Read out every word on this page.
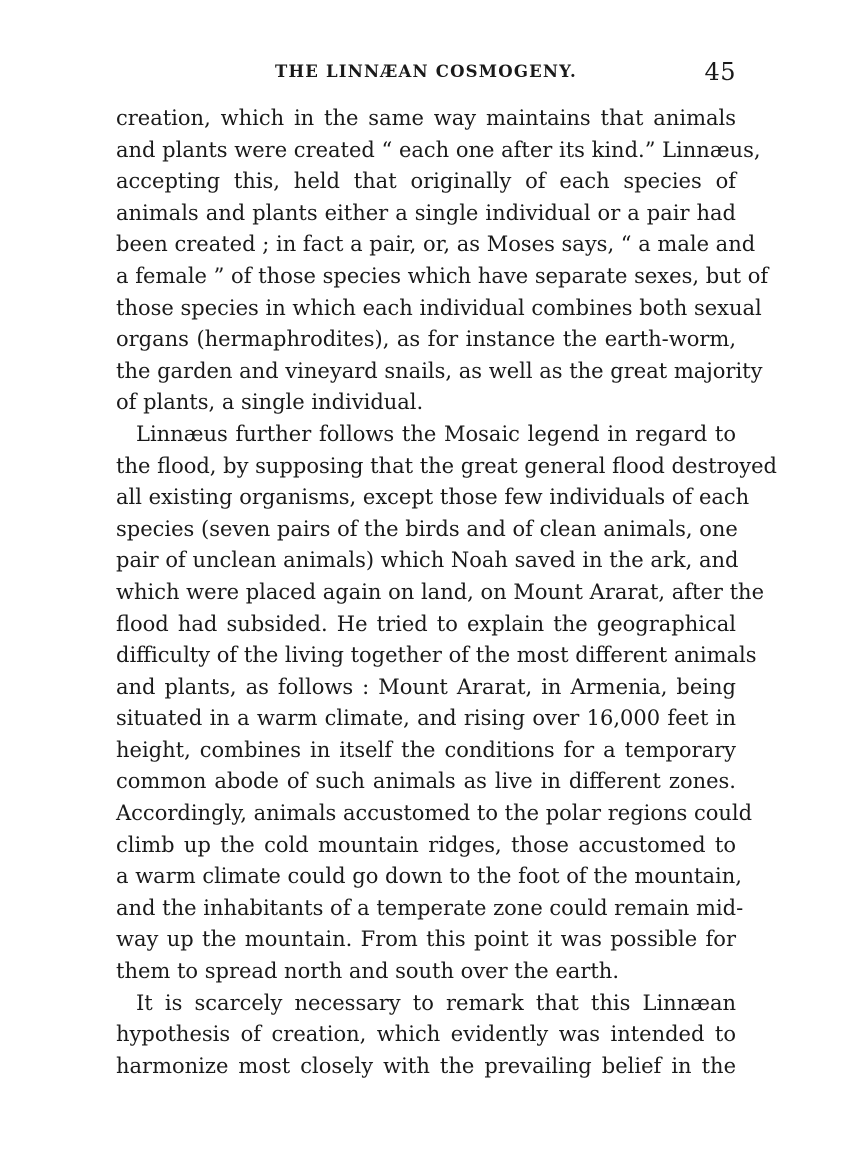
THE LINNÆAN COSMOGENY.	45
creation, which in the same way maintains that animals
and plants were created “ each one after its kind.” Linnæus,
accepting this, held that originally of each species of
animals and plants either a single individual or a pair had
been created ; in fact a pair, or, as Moses says, “ a male and
a female ” of those species which have separate sexes, but of
those species in which each individual combines both sexual
organs (hermaphrodites), as for instance the earth-worm,
the garden and vineyard snails, as well as the great majority
of plants, a single individual.
Linnæus further follows the Mosaic legend in regard to
the flood, by supposing that the great general flood destroyed
all existing organisms, except those few individuals of each
species (seven pairs of the birds and of clean animals, one
pair of unclean animals) which Noah saved in the ark, and
which were placed again on land, on Mount Ararat, after the
flood had subsided. He tried to explain the geographical
difficulty of the living together of the most different animals
and plants, as follows : Mount Ararat, in Armenia, being
situated in a warm climate, and rising over 16,000 feet in
height, combines in itself the conditions for a temporary
common abode of such animals as live in different zones.
Accordingly, animals accustomed to the polar regions could
climb up the cold mountain ridges, those accustomed to
a warm climate could go down to the foot of the mountain,
and the inhabitants of a temperate zone could remain mid-
way up the mountain. From this point it was possible for
them to spread north and south over the earth.
It is scarcely necessary to remark that this Linnæan
hypothesis of creation, which evidently was intended to
harmonize most closely with the prevailing belief in the
